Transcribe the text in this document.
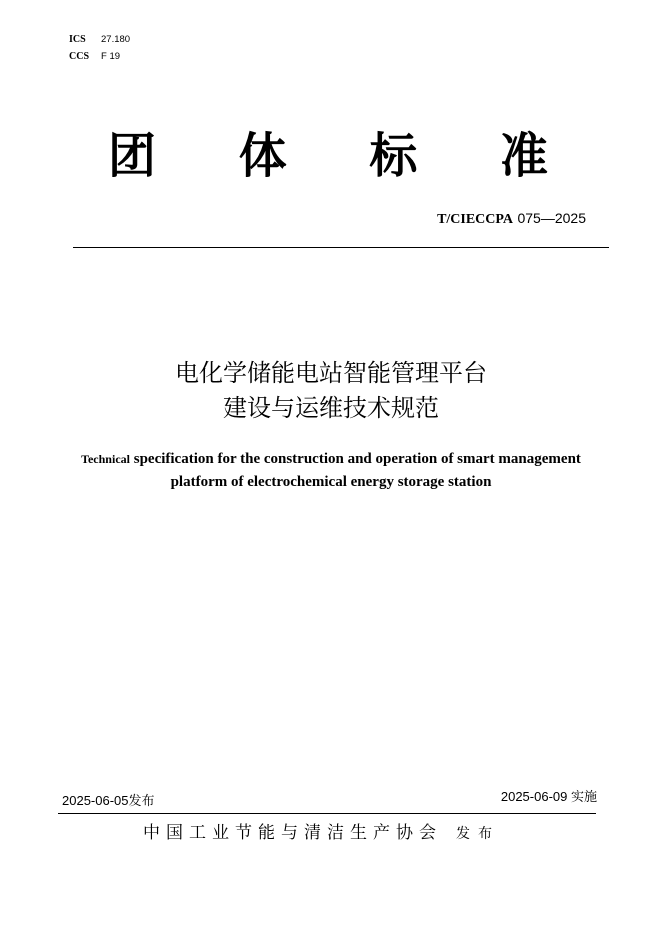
ICS 27.180
CCS F 19
团 体 标 准
T/CIECCPA 075—2025
电化学储能电站智能管理平台
建设与运维技术规范
Technical specification for the construction and operation of smart management
platform of electrochemical energy storage station
2025-06-05发布	2025-06-09 实施
中国工业节能与清洁生产协会 发布
